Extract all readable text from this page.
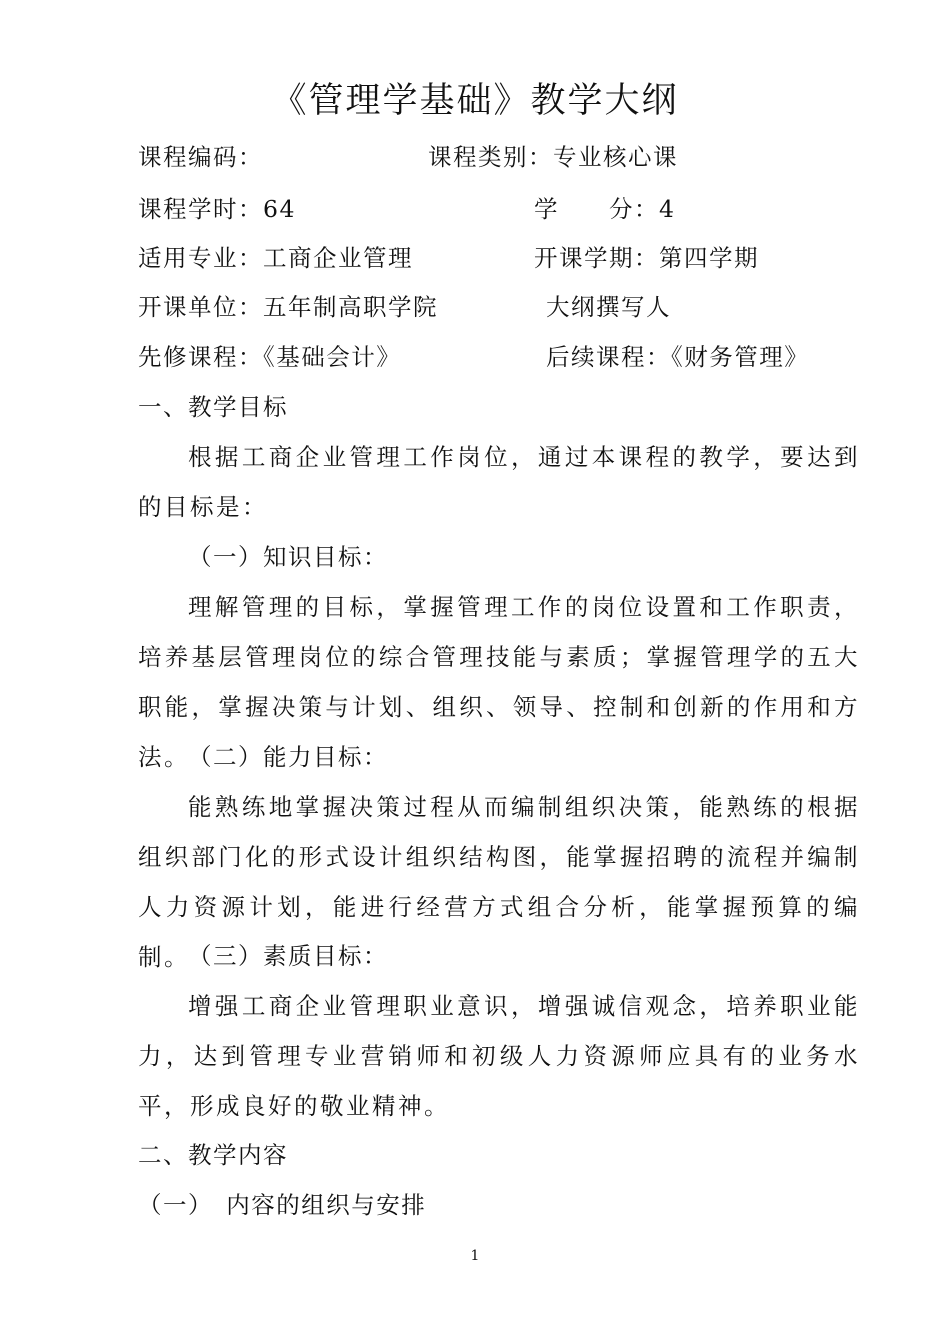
《管理学基础》教学大纲
课程编码：	课程类别：专业核心课
课程学时：64	学　　分：4
适用专业：工商企业管理	开课学期：第四学期
开课单位：五年制高职学院	大纲撰写人
先修课程：《基础会计》	后续课程：《财务管理》
一、教学目标
根据工商企业管理工作岗位，通过本课程的教学，要达到的目标是：
（一）知识目标：
理解管理的目标，掌握管理工作的岗位设置和工作职责，培养基层管理岗位的综合管理技能与素质；掌握管理学的五大职能，掌握决策与计划、组织、领导、控制和创新的作用和方法。
（二）能力目标：
能熟练地掌握决策过程从而编制组织决策，能熟练的根据组织部门化的形式设计组织结构图，能掌握招聘的流程并编制人力资源计划，能进行经营方式组合分析，能掌握预算的编制。
（三）素质目标：
增强工商企业管理职业意识，增强诚信观念，培养职业能力，达到管理专业营销师和初级人力资源师应具有的业务水平，形成良好的敬业精神。
二、教学内容
（一）　内容的组织与安排
1
